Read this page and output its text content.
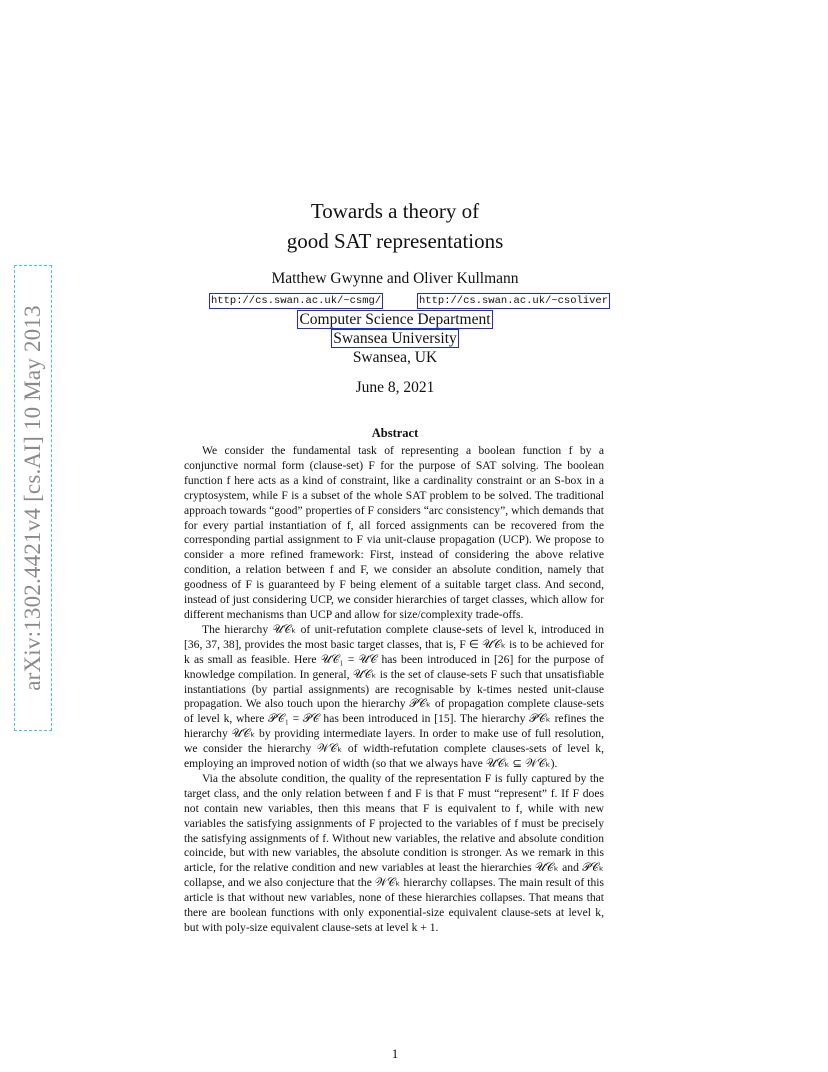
arXiv:1302.4421v4 [cs.AI] 10 May 2013
Towards a theory of
good SAT representations
Matthew Gwynne and Oliver Kullmann
http://cs.swan.ac.uk/~csmg/	http://cs.swan.ac.uk/~csoliver
Computer Science Department
Swansea University
Swansea, UK
June 8, 2021
Abstract

We consider the fundamental task of representing a boolean function f by a conjunctive normal form (clause-set) F for the purpose of SAT solving. The boolean function f here acts as a kind of constraint, like a cardinality constraint or an S-box in a cryptosystem, while F is a subset of the whole SAT problem to be solved. The traditional approach towards “good” properties of F considers “arc consistency”, which demands that for every partial instantiation of f, all forced assignments can be recovered from the corresponding partial assignment to F via unit-clause propagation (UCP). We propose to consider a more refined framework: First, instead of considering the above relative condition, a relation between f and F, we consider an absolute condition, namely that goodness of F is guaranteed by F being element of a suitable target class. And second, instead of just considering UCP, we consider hierarchies of target classes, which allow for different mechanisms than UCP and allow for size/complexity trade-offs.

The hierarchy 𝒰𝒞ₖ of unit-refutation complete clause-sets of level k, introduced in [36, 37, 38], provides the most basic target classes, that is, F ∈ 𝒰𝒞ₖ is to be achieved for k as small as feasible. Here 𝒰𝒞₁ = 𝒰𝒞 has been introduced in [26] for the purpose of knowledge compilation. In general, 𝒰𝒞ₖ is the set of clause-sets F such that unsatisfiable instantiations (by partial assignments) are recognisable by k-times nested unit-clause propagation. We also touch upon the hierarchy 𝒫𝒞ₖ of propagation complete clause-sets of level k, where 𝒫𝒞₁ = 𝒫𝒞 has been introduced in [15]. The hierarchy 𝒫𝒞ₖ refines the hierarchy 𝒰𝒞ₖ by providing intermediate layers. In order to make use of full resolution, we consider the hierarchy 𝒲𝒞ₖ of width-refutation complete clauses-sets of level k, employing an improved notion of width (so that we always have 𝒰𝒞ₖ ⊆ 𝒲𝒞ₖ).

Via the absolute condition, the quality of the representation F is fully captured by the target class, and the only relation between f and F is that F must “represent” f. If F does not contain new variables, then this means that F is equivalent to f, while with new variables the satisfying assignments of F projected to the variables of f must be precisely the satisfying assignments of f. Without new variables, the relative and absolute condition coincide, but with new variables, the absolute condition is stronger. As we remark in this article, for the relative condition and new variables at least the hierarchies 𝒰𝒞ₖ and 𝒫𝒞ₖ collapse, and we also conjecture that the 𝒲𝒞ₖ hierarchy collapses. The main result of this article is that without new variables, none of these hierarchies collapses. That means that there are boolean functions with only exponential-size equivalent clause-sets at level k, but with poly-size equivalent clause-sets at level k + 1.

1
